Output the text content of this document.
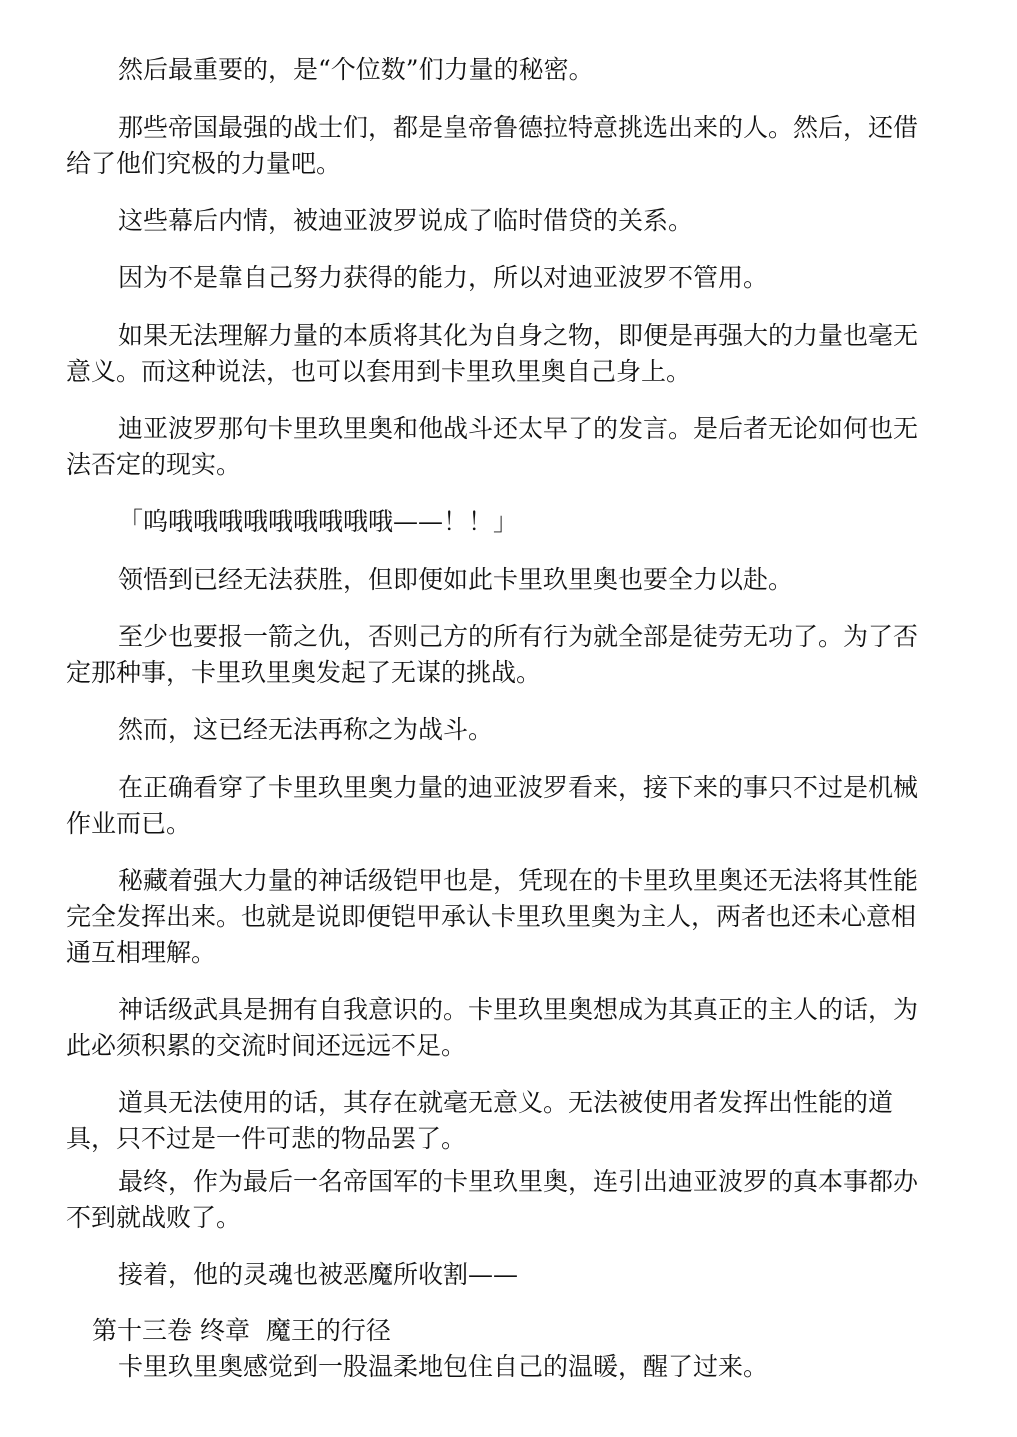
然后最重要的，是“个位数”们力量的秘密。

那些帝国最强的战士们，都是皇帝鲁德拉特意挑选出来的人。然后，还借给了他们究极的力量吧。

这些幕后内情，被迪亚波罗说成了临时借贷的关系。

因为不是靠自己努力获得的能力，所以对迪亚波罗不管用。

如果无法理解力量的本质将其化为自身之物，即便是再强大的力量也毫无意义。而这种说法，也可以套用到卡里玖里奥自己身上。

迪亚波罗那句卡里玖里奥和他战斗还太早了的发言。是后者无论如何也无法否定的现实。

「呜哦哦哦哦哦哦哦哦哦——！！」

领悟到已经无法获胜，但即便如此卡里玖里奥也要全力以赴。

至少也要报一箭之仇，否则己方的所有行为就全部是徒劳无功了。为了否定那种事，卡里玖里奥发起了无谋的挑战。

然而，这已经无法再称之为战斗。

在正确看穿了卡里玖里奥力量的迪亚波罗看来，接下来的事只不过是机械作业而已。

秘藏着强大力量的神话级铠甲也是，凭现在的卡里玖里奥还无法将其性能完全发挥出来。也就是说即便铠甲承认卡里玖里奥为主人，两者也还未心意相通互相理解。

神话级武具是拥有自我意识的。卡里玖里奥想成为其真正的主人的话，为此必须积累的交流时间还远远不足。

道具无法使用的话，其存在就毫无意义。无法被使用者发挥出性能的道具，只不过是一件可悲的物品罢了。

最终，作为最后一名帝国军的卡里玖里奥，连引出迪亚波罗的真本事都办不到就战败了。

接着，他的灵魂也被恶魔所收割——

第十三卷 终章  魔王的行径

卡里玖里奥感觉到一股温柔地包住自己的温暖，醒了过来。
